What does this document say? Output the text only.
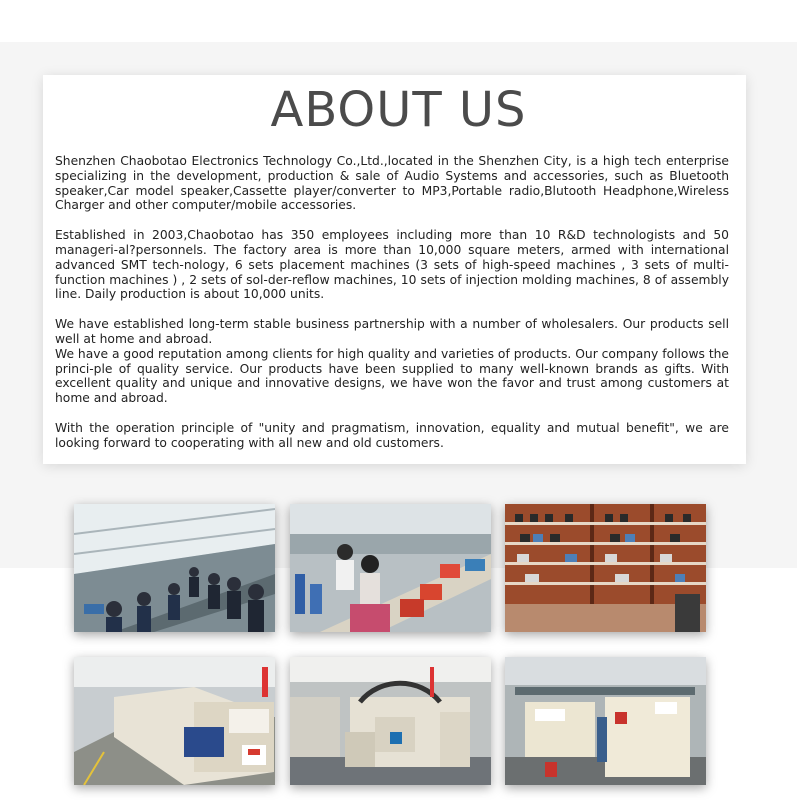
Shenzhen Chaobotao Electronics Technology Co.,Ltd.,located in the Shenzhen City, is a high tech enterprise specializing in the development, production & sale of Audio Systems and accessories, such as Bluetooth speaker,Car model speaker,Cassette player/converter to MP3,Portable radio,Blutooth Headphone,Wireless Charger and other computer/mobile accessories.

Established in 2003,Chaobotao has 350 employees including more than 10 R&D technologists and 50 manageri-al?personnels. The factory area is more than 10,000 square meters, armed with international advanced SMT tech-nology, 6 sets placement machines (3 sets of high-speed machines , 3 sets of multi-function machines ) , 2 sets of sol-der-reflow machines, 10 sets of injection molding machines, 8 of assembly line. Daily production is about 10,000 units.

We have established long-term stable business partnership with a number of wholesalers. Our products sell well at home and abroad.

We have a good reputation among clients for high quality and varieties of products. Our company follows the princi-ple of quality service. Our products have been supplied to many well-known brands as gifts. With excellent quality and unique and innovative designs, we have won the favor and trust among customers at home and abroad.

With the operation principle of "unity and pragmatism, innovation, equality and mutual benefit", we are looking forward to cooperating with all new and old customers.

ABOUT US
